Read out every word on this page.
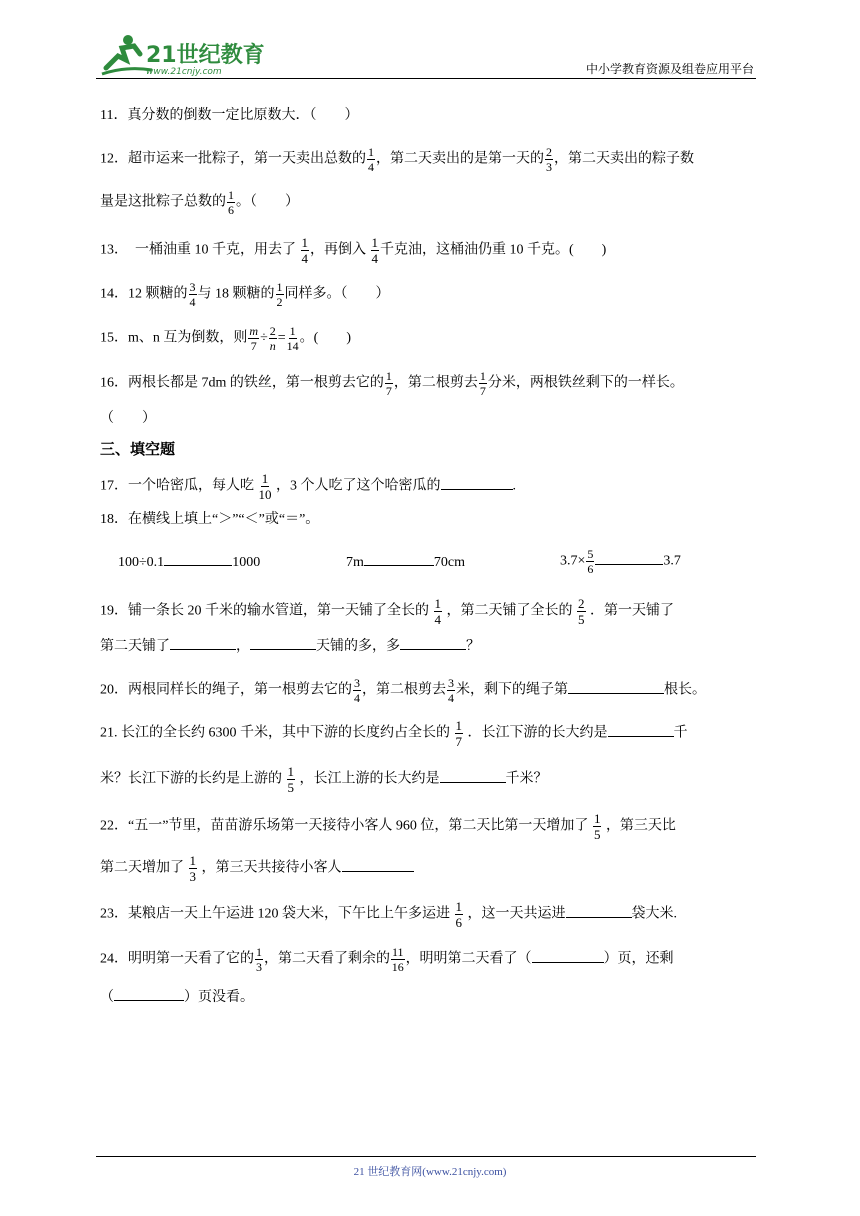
21世纪教育
www.21cnjy.com	中小学教育资源及组卷应用平台
11．真分数的倒数一定比原数大．（　　）
12．超市运来一批粽子，第一天卖出总数的 $\frac{1}{4}$ ，第二天卖出的是第一天的 $\frac{2}{3}$ ，第二天卖出的粽子数
量是这批粽子总数的 $\frac{1}{6}$ 。（　　）
13．　一桶油重 10 千克，用去了 $\frac{1}{4}$ ，再倒入 $\frac{1}{4}$ 千克油，这桶油仍重 10 千克。(　　)
14．12 颗糖的 $\frac{3}{4}$ 与 18 颗糖的 $\frac{1}{2}$ 同样多。（　　）
15．m、n 互为倒数，则 $\frac{m}{7} \div \frac{2}{n} = \frac{1}{14}$ 。(　　)
16．两根长都是 7dm 的铁丝，第一根剪去它的 $\frac{1}{7}$ ，第二根剪去 $\frac{1}{7}$ 分米，两根铁丝剩下的一样长。
（　　）
三、填空题
17．一个哈密瓜，每人吃 $\frac{1}{10}$ ，3 个人吃了这个哈密瓜的	.
18．在横线上填上“＞”“＜”或“＝”。
100÷0.1	1000	7m	70cm	$3.7\times \frac{5}{6}$	3.7
19．铺一条长 20 千米的输水管道，第一天铺了全长的 $\frac{1}{4}$ ，第二天铺了全长的 $\frac{2}{5}$ ．第一天铺了
第二天铺了	，	天铺的多，多	？
20．两根同样长的绳子，第一根剪去它的 $\frac{3}{4}$ ，第二根剪去 $\frac{3}{4}$ 米，剩下的绳子第	根长。
21. 长江的全长约 6300 千米，其中下游的长度约占全长的 $\frac{1}{7}$ ．长江下游的长大约是	千
米？长江下游的长约是上游的 $\frac{1}{5}$ ，长江上游的长大约是	千米？
22．“五一”节里，苗苗游乐场第一天接待小客人 960 位，第二天比第一天增加了 $\frac{1}{5}$ ，第三天比
第二天增加了 $\frac{1}{3}$ ，第三天共接待小客人
23．某粮店一天上午运进 120 袋大米，下午比上午多运进 $\frac{1}{6}$ ，这一天共运进	袋大米.
24．明明第一天看了它的 $\frac{1}{3}$ ，第二天看了剩余的 $\frac{11}{16}$ ，明明第二天看了（	）页，还剩
（	）页没看。
21 世纪教育网(www.21cnjy.com)
